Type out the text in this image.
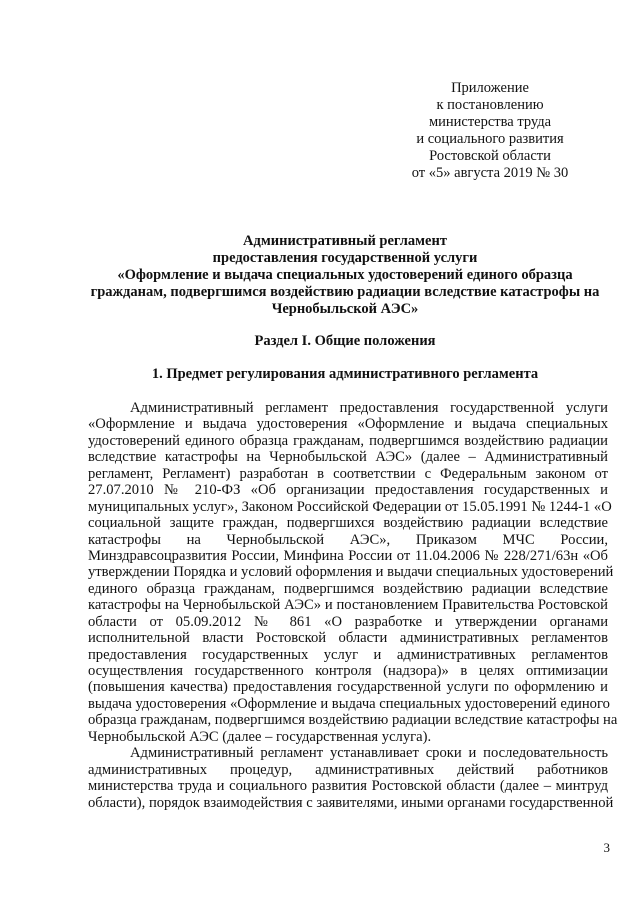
Приложение
к постановлению
министерства труда
и социального развития
Ростовской области
от «5» августа 2019 № 30
Административный регламент
предоставления государственной услуги
«Оформление и выдача специальных удостоверений единого образца
гражданам, подвергшимся воздействию радиации вследствие катастрофы на
Чернобыльской АЭС»
Раздел I. Общие положения
1. Предмет регулирования административного регламента
Административный регламент предоставления государственной услуги
«Оформление и выдача удостоверения «Оформление и выдача специальных
удостоверений единого образца гражданам, подвергшимся воздействию радиации
вследствие катастрофы на Чернобыльской АЭС» (далее – Административный
регламент, Регламент) разработан в соответствии с Федеральным законом от
27.07.2010 № 210-ФЗ «Об организации предоставления государственных и
муниципальных услуг», Законом Российской Федерации от 15.05.1991 № 1244-1 «О
социальной защите граждан, подвергшихся воздействию радиации вследствие
катастрофы на Чернобыльской АЭС», Приказом МЧС России,
Минздравсоцразвития России, Минфина России от 11.04.2006 № 228/271/63н «Об
утверждении Порядка и условий оформления и выдачи специальных удостоверений
единого образца гражданам, подвергшимся воздействию радиации вследствие
катастрофы на Чернобыльской АЭС» и постановлением Правительства Ростовской
области от 05.09.2012 № 861 «О разработке и утверждении органами
исполнительной власти Ростовской области административных регламентов
предоставления государственных услуг и административных регламентов
осуществления государственного контроля (надзора)» в целях оптимизации
(повышения качества) предоставления государственной услуги по оформлению и
выдача удостоверения «Оформление и выдача специальных удостоверений единого
образца гражданам, подвергшимся воздействию радиации вследствие катастрофы на
Чернобыльской АЭС (далее – государственная услуга).
Административный регламент устанавливает сроки и последовательность
административных процедур, административных действий работников
министерства труда и социального развития Ростовской области (далее – минтруд
области), порядок взаимодействия с заявителями, иными органами государственной
3
